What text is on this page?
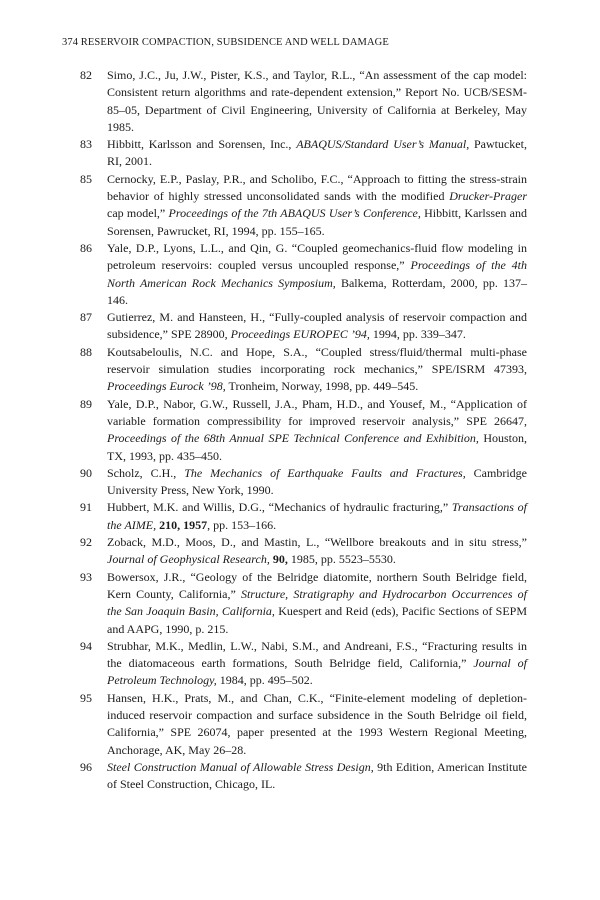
374 RESERVOIR COMPACTION, SUBSIDENCE AND WELL DAMAGE
82 Simo, J.C., Ju, J.W., Pister, K.S., and Taylor, R.L., “An assessment of the cap model: Consistent return algorithms and rate-dependent extension,” Report No. UCB/SESM-85–05, Department of Civil Engineering, University of California at Berkeley, May 1985.
83 Hibbitt, Karlsson and Sorensen, Inc., ABAQUS/Standard User’s Manual, Pawtucket, RI, 2001.
85 Cernocky, E.P., Paslay, P.R., and Scholibo, F.C., “Approach to fitting the stress-strain behavior of highly stressed unconsolidated sands with the modified Drucker-Prager cap model,” Proceedings of the 7th ABAQUS User’s Conference, Hibbitt, Karlssen and Sorensen, Pawrucket, RI, 1994, pp. 155–165.
86 Yale, D.P., Lyons, L.L., and Qin, G. “Coupled geomechanics-fluid flow modeling in petroleum reservoirs: coupled versus uncoupled response,” Proceedings of the 4th North American Rock Mechanics Symposium, Balkema, Rotterdam, 2000, pp. 137– 146.
87 Gutierrez, M. and Hansteen, H., “Fully-coupled analysis of reservoir compaction and subsidence,” SPE 28900, Proceedings EUROPEC ’94, 1994, pp. 339–347.
88 Koutsabeloulis, N.C. and Hope, S.A., “Coupled stress/fluid/thermal multi-phase reservoir simulation studies incorporating rock mechanics,” SPE/ISRM 47393, Proceedings Eurock ’98, Tronheim, Norway, 1998, pp. 449–545.
89 Yale, D.P., Nabor, G.W., Russell, J.A., Pham, H.D., and Yousef, M., “Application of variable formation compressibility for improved reservoir analysis,” SPE 26647, Proceedings of the 68th Annual SPE Technical Conference and Exhibition, Houston, TX, 1993, pp. 435–450.
90 Scholz, C.H., The Mechanics of Earthquake Faults and Fractures, Cambridge University Press, New York, 1990.
91 Hubbert, M.K. and Willis, D.G., “Mechanics of hydraulic fracturing,” Transactions of the AIME, 210, 1957, pp. 153–166.
92 Zoback, M.D., Moos, D., and Mastin, L., “Wellbore breakouts and in situ stress,” Journal of Geophysical Research, 90, 1985, pp. 5523–5530.
93 Bowersox, J.R., “Geology of the Belridge diatomite, northern South Belridge field, Kern County, California,” Structure, Stratigraphy and Hydrocarbon Occurrences of the San Joaquin Basin, California, Kuespert and Reid (eds), Pacific Sections of SEPM and AAPG, 1990, p. 215.
94 Strubhar, M.K., Medlin, L.W., Nabi, S.M., and Andreani, F.S., “Fracturing results in the diatomaceous earth formations, South Belridge field, California,” Journal of Petroleum Technology, 1984, pp. 495–502.
95 Hansen, H.K., Prats, M., and Chan, C.K., “Finite-element modeling of depletion-induced reservoir compaction and surface subsidence in the South Belridge oil field, California,” SPE 26074, paper presented at the 1993 Western Regional Meeting, Anchorage, AK, May 26–28.
96 Steel Construction Manual of Allowable Stress Design, 9th Edition, American Institute of Steel Construction, Chicago, IL.
